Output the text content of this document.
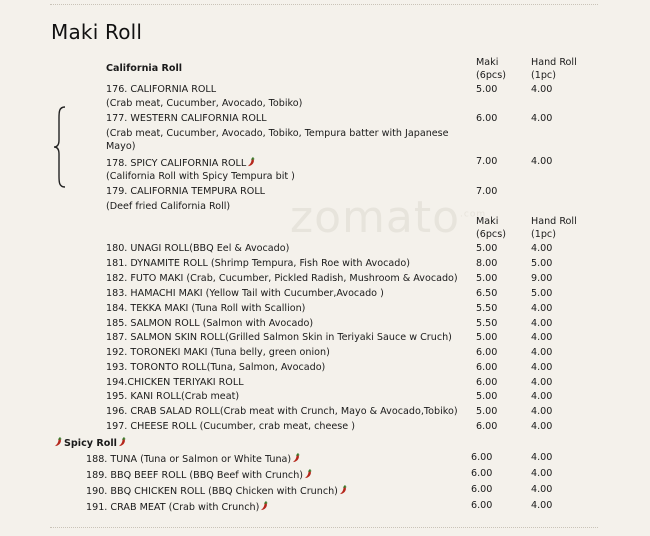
Maki Roll
zomato$^{.com}$
California Roll
Maki
(6pcs)
Hand Roll
(1pc)
176. CALIFORNIA ROLL	5.00	4.00
(Crab meat, Cucumber, Avocado, Tobiko)
177. WESTERN CALIFORNIA ROLL	6.00	4.00
(Crab meat, Cucumber, Avocado, Tobiko, Tempura batter with Japanese
Mayo)
178. SPICY CALIFORNIA ROLL	7.00	4.00
(California Roll with Spicy Tempura bit )
179. CALIFORNIA TEMPURA ROLL	7.00
(Deef fried California Roll)
Maki
(6pcs)
Hand Roll
(1pc)
180. UNAGI ROLL(BBQ Eel & Avocado)	5.00	4.00
181. DYNAMITE ROLL (Shrimp Tempura, Fish Roe with Avocado)	8.00	5.00
182. FUTO MAKI (Crab, Cucumber, Pickled Radish, Mushroom & Avocado) 5.00	9.00
183. HAMACHI MAKI (Yellow Tail with Cucumber,Avocado )	6.50	5.00
184. TEKKA MAKI (Tuna Roll with Scallion)	5.50	4.00
185. SALMON ROLL (Salmon with Avocado)	5.50	4.00
187. SALMON SKIN ROLL(Grilled Salmon Skin in Teriyaki Sauce w Cruch)	5.00	4.00
192. TORONEKI MAKI (Tuna belly, green onion)	6.00	4.00
193. TORONTO ROLL(Tuna, Salmon, Avocado)	6.00	4.00
194.CHICKEN TERIYAKI ROLL	6.00	4.00
195. KANI ROLL(Crab meat)	5.00	4.00
196. CRAB SALAD ROLL(Crab meat with Crunch, Mayo & Avocado,Tobiko) 5.00	4.00
197. CHEESE ROLL (Cucumber, crab meat, cheese )	6.00	4.00
Spicy Roll
188. TUNA (Tuna or Salmon or White Tuna)	6.00	4.00
189. BBQ BEEF ROLL (BBQ Beef with Crunch)	6.00	4.00
190. BBQ CHICKEN ROLL (BBQ Chicken with Crunch)	6.00	4.00
191. CRAB MEAT (Crab with Crunch)	6.00	4.00
